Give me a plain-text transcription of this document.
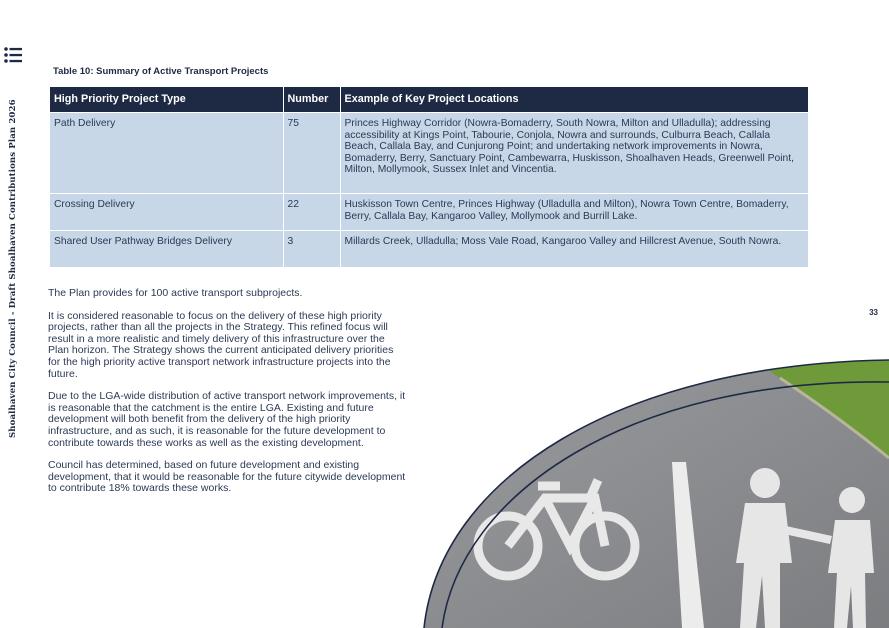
Shoalhaven City Council - Draft Shoalhaven Contributions Plan 2026	33
Table 10: Summary of Active Transport Projects
High Priority Project Type	Number	Example of Key Project Locations
Path Delivery	75	Princes Highway Corridor (Nowra-Bomaderry, South Nowra, Milton and Ulladulla); addressing accessibility at Kings Point, Tabourie, Conjola, Nowra and surrounds, Culburra Beach, Callala Beach, Callala Bay, and Cunjurong Point; and undertaking network improvements in Nowra, Bomaderry, Berry, Sanctuary Point, Cambewarra, Huskisson, Shoalhaven Heads, Greenwell Point, Milton, Mollymook, Sussex Inlet and Vincentia.
Crossing Delivery	22	Huskisson Town Centre, Princes Highway (Ulladulla and Milton), Nowra Town Centre, Bomaderry, Berry, Callala Bay, Kangaroo Valley, Mollymook and Burrill Lake.
Shared User Pathway Bridges Delivery	3	Millards Creek, Ulladulla; Moss Vale Road, Kangaroo Valley and Hillcrest Avenue, South Nowra.

The Plan provides for 100 active transport subprojects.

It is considered reasonable to focus on the delivery of these high priority projects, rather than all the projects in the Strategy. This refined focus will result in a more realistic and timely delivery of this infrastructure over the Plan horizon. The Strategy shows the current anticipated delivery priorities for the high priority active transport network infrastructure projects into the future.

Due to the LGA-wide distribution of active transport network improvements, it is reasonable that the catchment is the entire LGA. Existing and future development will both benefit from the delivery of the high priority infrastructure, and as such, it is reasonable for the future development to contribute towards these works as well as the existing development.

Council has determined, based on future development and existing development, that it would be reasonable for the future citywide development to contribute 18% towards these works.
